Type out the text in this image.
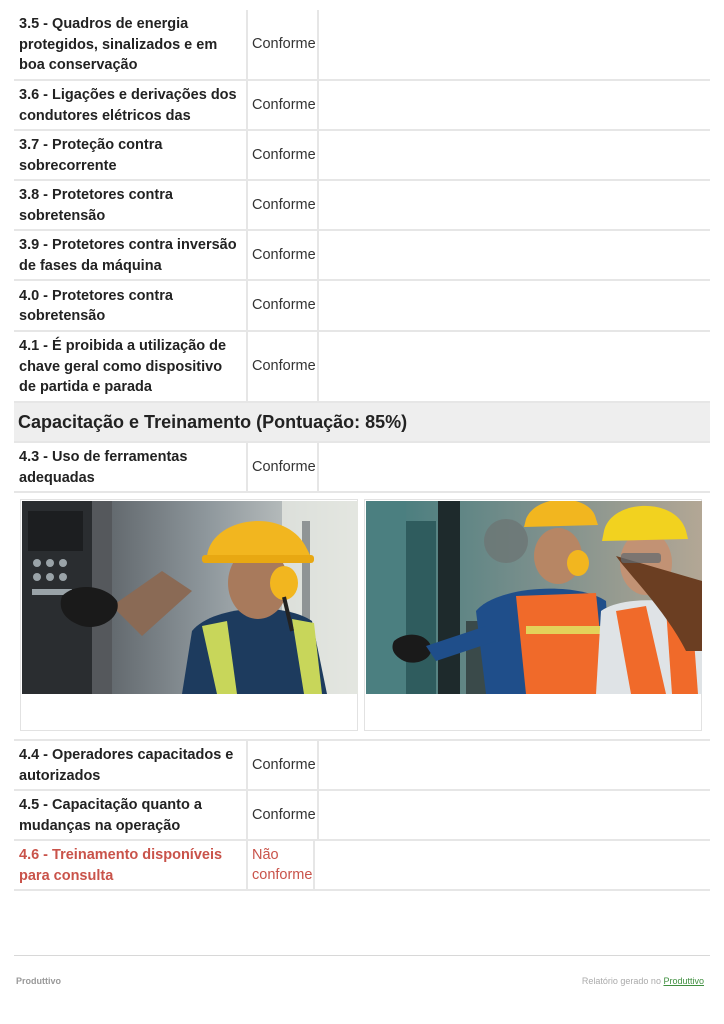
3.5 - Quadros de energia protegidos, sinalizados e em boa conservação
Conforme
3.6 - Ligações e derivações dos condutores elétricos das
Conforme
3.7 - Proteção contra sobrecorrente
Conforme
3.8 - Protetores contra sobretensão
Conforme
3.9 - Protetores contra inversão de fases da máquina
Conforme
4.0 - Protetores contra sobretensão
Conforme
4.1 - É proibida a utilização de chave geral como dispositivo de partida e parada
Conforme
Capacitação e Treinamento
(Pontuação: 85%)
4.3 - Uso de ferramentas adequadas
Conforme
4.4 - Operadores capacitados e autorizados
Conforme
4.5 - Capacitação quanto a mudanças na operação
Conforme
4.6 - Treinamento disponíveis para consulta
Não conforme
Produttivo	Relatório gerado no Produttivo
